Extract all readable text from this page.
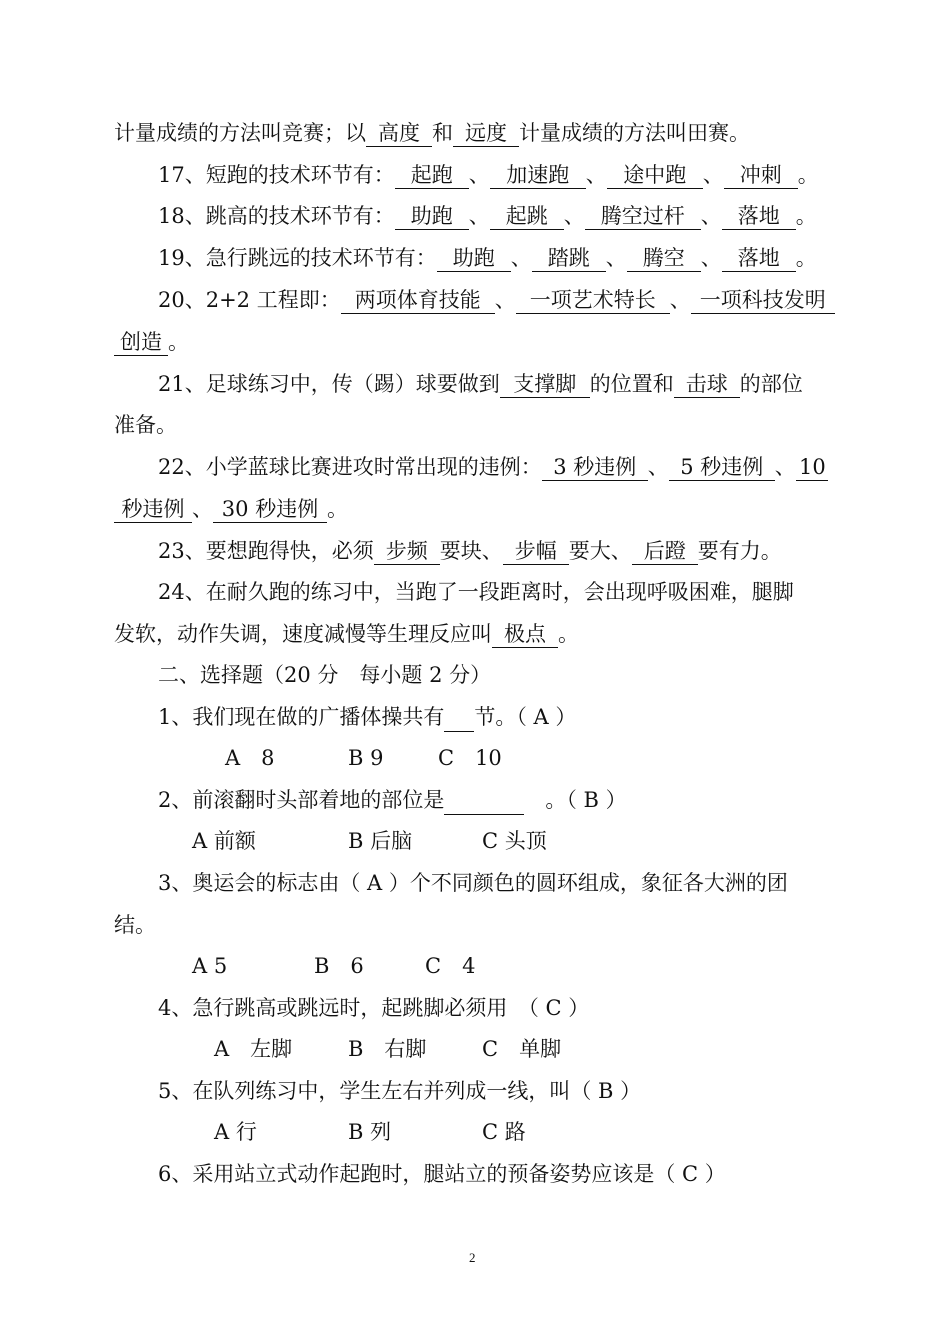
计量成绩的方法叫竞赛；以 高度 和 远度 计量成绩的方法叫田赛。
17、短跑的技术环节有： 起跑 、 加速跑 、 途中跑 、 冲刺 。
18、跳高的技术环节有： 助跑 、 起跳 、 腾空过杆 、 落地 。
19、急行跳远的技术环节有： 助跑 、 踏跳 、 腾空 、 落地 。
20、2+2 工程即： 两项体育技能 、 一项艺术特长 、 一项科技发明
创造 。
21、足球练习中，传（踢）球要做到 支撑脚 的位置和 击球 的部位
准备。
22、小学蓝球比赛进攻时常出现的违例： 3 秒违例 、 5 秒违例 、 10
秒违例 、 30 秒违例 。
23、要想跑得快，必须 步频 要块、 步幅 要大、 后蹬 要有力。
24、在耐久跑的练习中，当跑了一段距离时，会出现呼吸困难，腿脚
发软，动作失调，速度减慢等生理反应叫 极点 。
二、选择题（20 分　每小题 2 分）
1、我们现在做的广播体操共有 节。（ A ）
A　8	B 9	C　10
2、前滚翻时头部着地的部位是　	。（ B ）
A 前额	B 后脑	C 头顶
3、奥运会的标志由（ A ）个不同颜色的圆环组成，象征各大洲的团
结。
A 5	B　6	C　4
4、急行跳高或跳远时，起跳脚必须用　（ C ）
A　左脚	B　右脚	C　单脚
5、在队列练习中，学生左右并列成一线，叫（ B ）
A 行	B 列	C 路
6、采用站立式动作起跑时，腿站立的预备姿势应该是（ C ）
2
